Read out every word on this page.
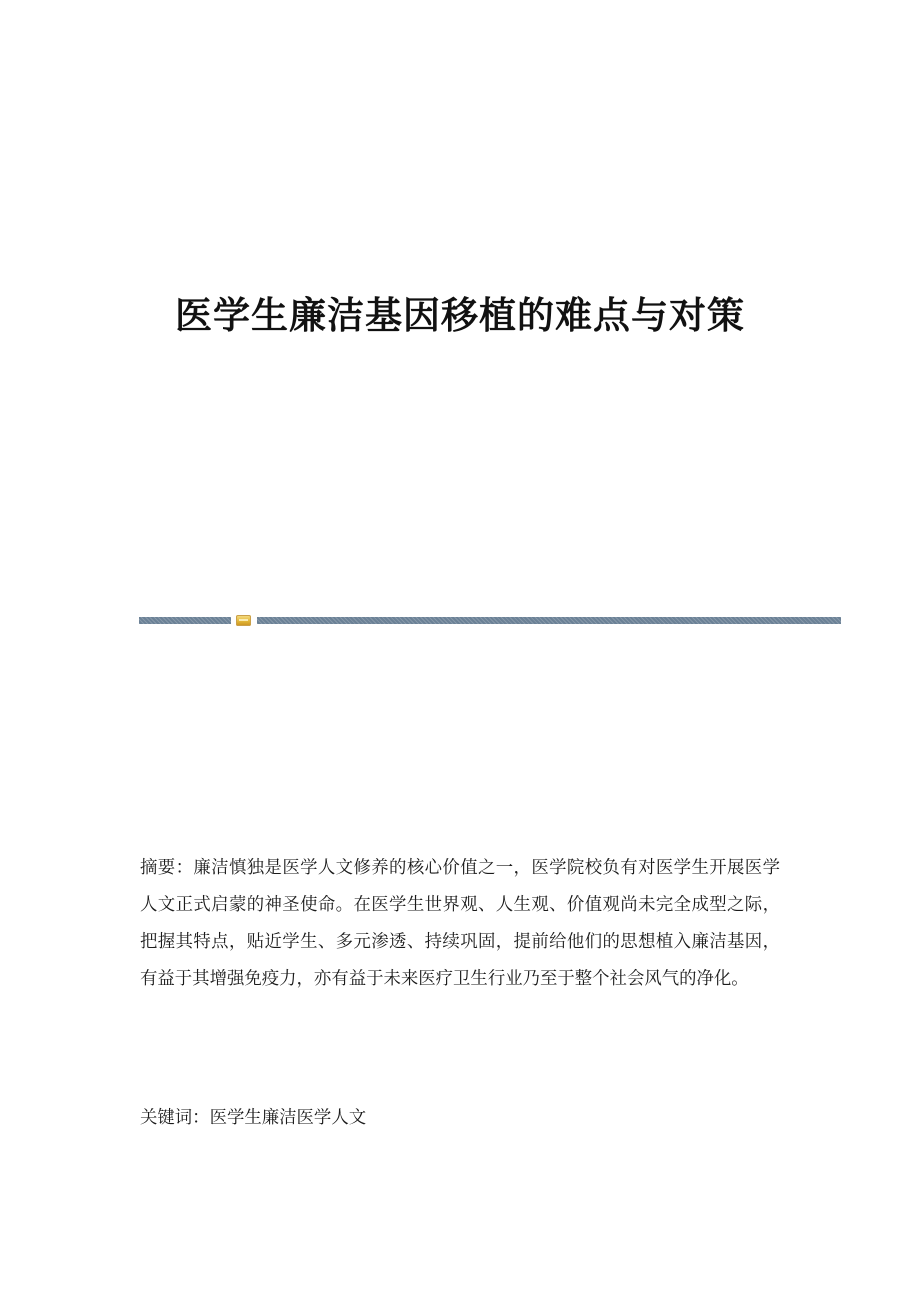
医学生廉洁基因移植的难点与对策

摘要：廉洁慎独是医学人文修养的核心价值之一，医学院校负有对医学生开展医学人文正式启蒙的神圣使命。在医学生世界观、人生观、价值观尚未完全成型之际，把握其特点，贴近学生、多元渗透、持续巩固，提前给他们的思想植入廉洁基因，有益于其增强免疫力，亦有益于未来医疗卫生行业乃至于整个社会风气的净化。

关键词：医学生廉洁医学人文
